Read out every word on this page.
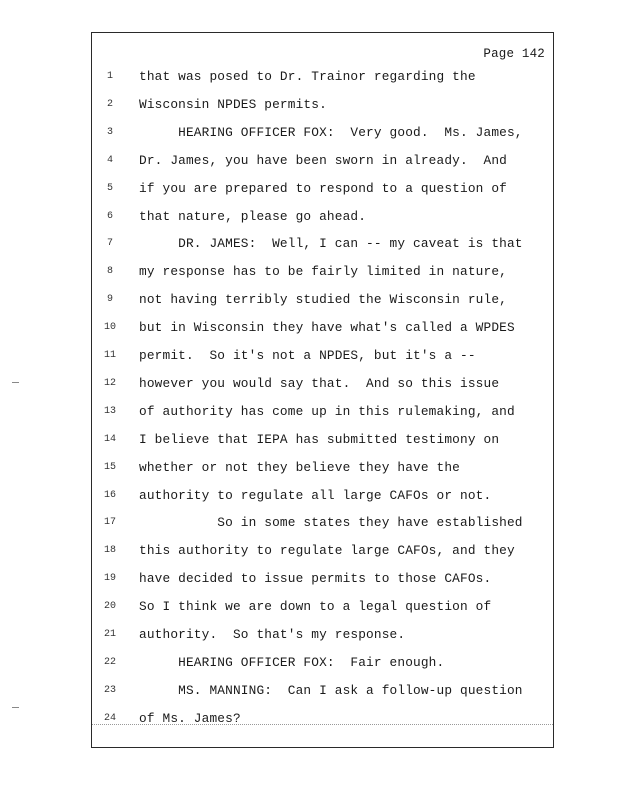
Page 142
1	that was posed to Dr. Trainor regarding the
2	Wisconsin NPDES permits.
3	HEARING OFFICER FOX:  Very good.  Ms. James,
4	Dr. James, you have been sworn in already.  And
5	if you are prepared to respond to a question of
6	that nature, please go ahead.
7	DR. JAMES:  Well, I can -- my caveat is that
8	my response has to be fairly limited in nature,
9	not having terribly studied the Wisconsin rule,
10	but in Wisconsin they have what's called a WPDES
11	permit.  So it's not a NPDES, but it's a --
12	however you would say that.  And so this issue
13	of authority has come up in this rulemaking, and
14	I believe that IEPA has submitted testimony on
15	whether or not they believe they have the
16	authority to regulate all large CAFOs or not.
17	So in some states they have established
18	this authority to regulate large CAFOs, and they
19	have decided to issue permits to those CAFOs.
20	So I think we are down to a legal question of
21	authority.  So that's my response.
22	HEARING OFFICER FOX:  Fair enough.
23	MS. MANNING:  Can I ask a follow-up question
24	of Ms. James?
